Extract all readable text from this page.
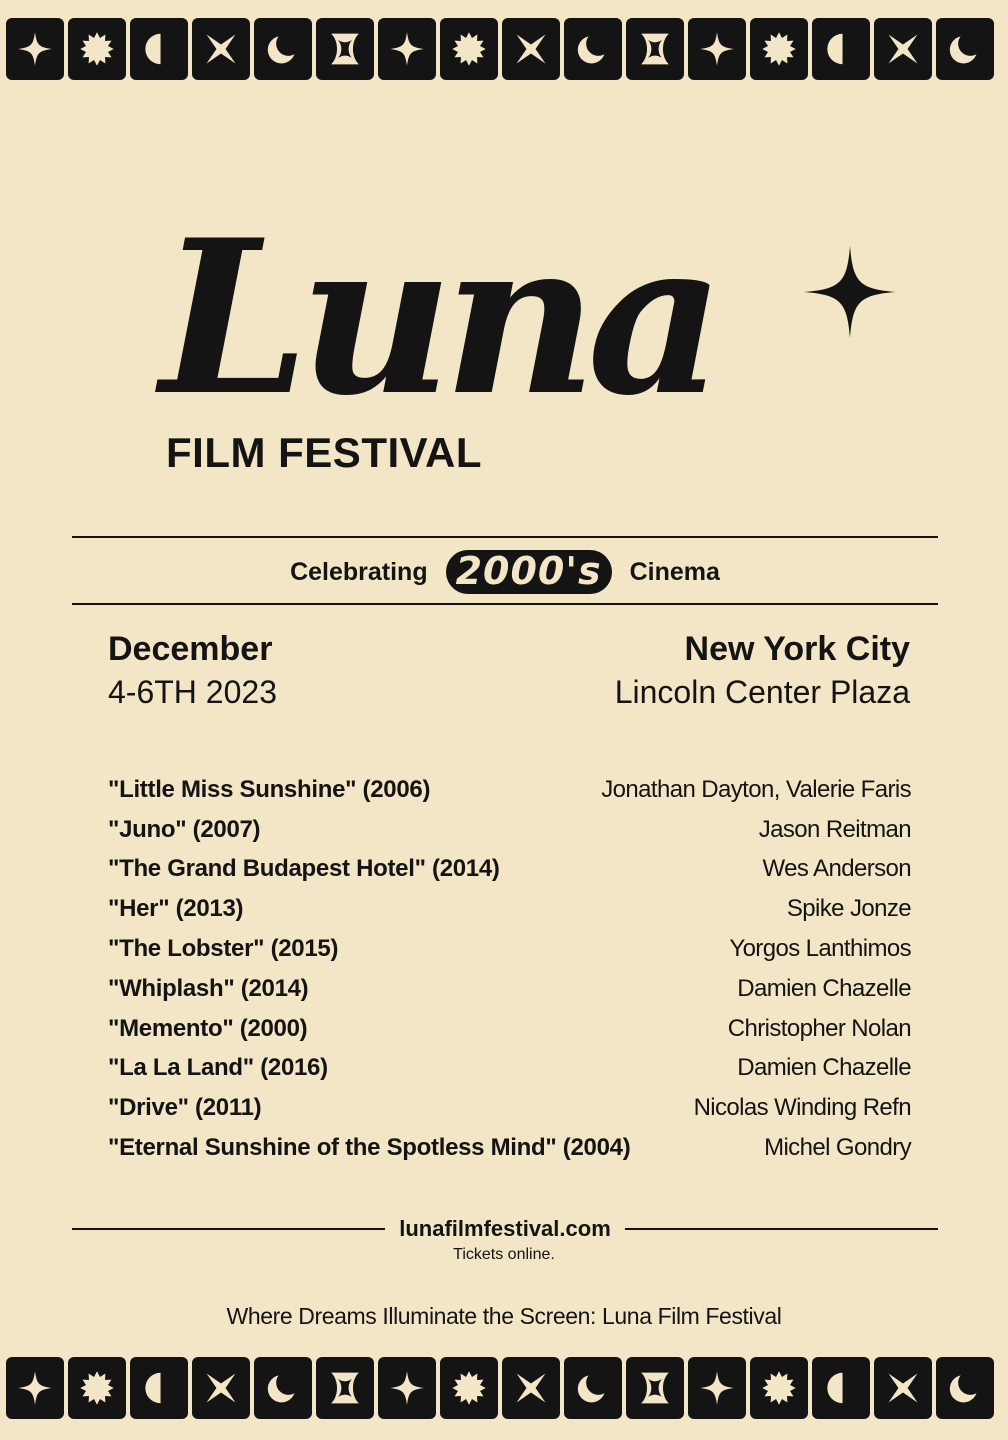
Luna
FILM FESTIVAL
Celebrating 2000's	Cinema
December
4-6TH 2023
New York City
Lincoln Center Plaza
"Little Miss Sunshine" (2006)	Jonathan Dayton, Valerie Faris
"Juno" (2007)	Jason Reitman
"The Grand Budapest Hotel" (2014)	Wes Anderson
"Her" (2013)	Spike Jonze
"The Lobster" (2015)	Yorgos Lanthimos
"Whiplash" (2014)	Damien Chazelle
"Memento" (2000)	Christopher Nolan
"La La Land" (2016)	Damien Chazelle
"Drive" (2011)	Nicolas Winding Refn
"Eternal Sunshine of the Spotless Mind" (2004)	Michel Gondry
lunafilmfestival.com
Tickets online.
Where Dreams Illuminate the Screen: Luna Film Festival
